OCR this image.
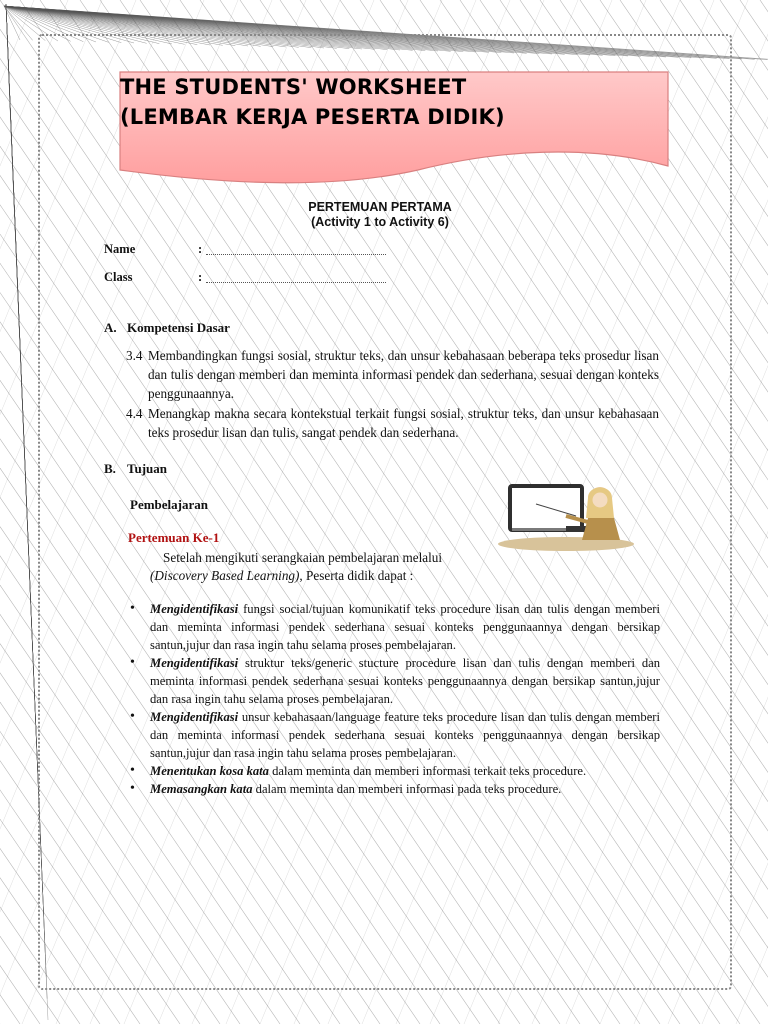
THE STUDENTS' WORKSHEET
(LEMBAR KERJA PESERTA DIDIK)
PERTEMUAN PERTAMA
(Activity 1 to Activity 6)
Name	:
Class	:
A. Kompetensi Dasar
3.4 Membandingkan fungsi sosial, struktur teks, dan unsur kebahasaan beberapa teks prosedur lisan dan tulis dengan memberi dan meminta informasi pendek dan sederhana, sesuai dengan konteks penggunaannya.
4.4 Menangkap makna secara kontekstual terkait fungsi sosial, struktur teks, dan unsur kebahasaan teks prosedur lisan dan tulis, sangat pendek dan sederhana.
B. Tujuan
Pembelajaran
Pertemuan Ke-1
Setelah mengikuti serangkaian pembelajaran melalui
(Discovery Based Learning), Peserta didik dapat :
• Mengidentifikasi fungsi social/tujuan komunikatif teks procedure lisan dan tulis dengan memberi dan meminta informasi pendek sederhana sesuai konteks penggunaannya dengan bersikap santun,jujur dan rasa ingin tahu selama proses pembelajaran.
• Mengidentifikasi struktur teks/generic stucture procedure lisan dan tulis dengan memberi dan meminta informasi pendek sederhana sesuai konteks penggunaannya dengan bersikap santun,jujur dan rasa ingin tahu selama proses pembelajaran.
• Mengidentifikasi unsur kebahasaan/language feature teks procedure lisan dan tulis dengan memberi dan meminta informasi pendek sederhana sesuai konteks penggunaannya dengan bersikap santun,jujur dan rasa ingin tahu selama proses pembelajaran.
• Menentukan kosa kata dalam meminta dan memberi informasi terkait teks procedure.
• Memasangkan kata dalam meminta dan memberi informasi pada teks procedure.
